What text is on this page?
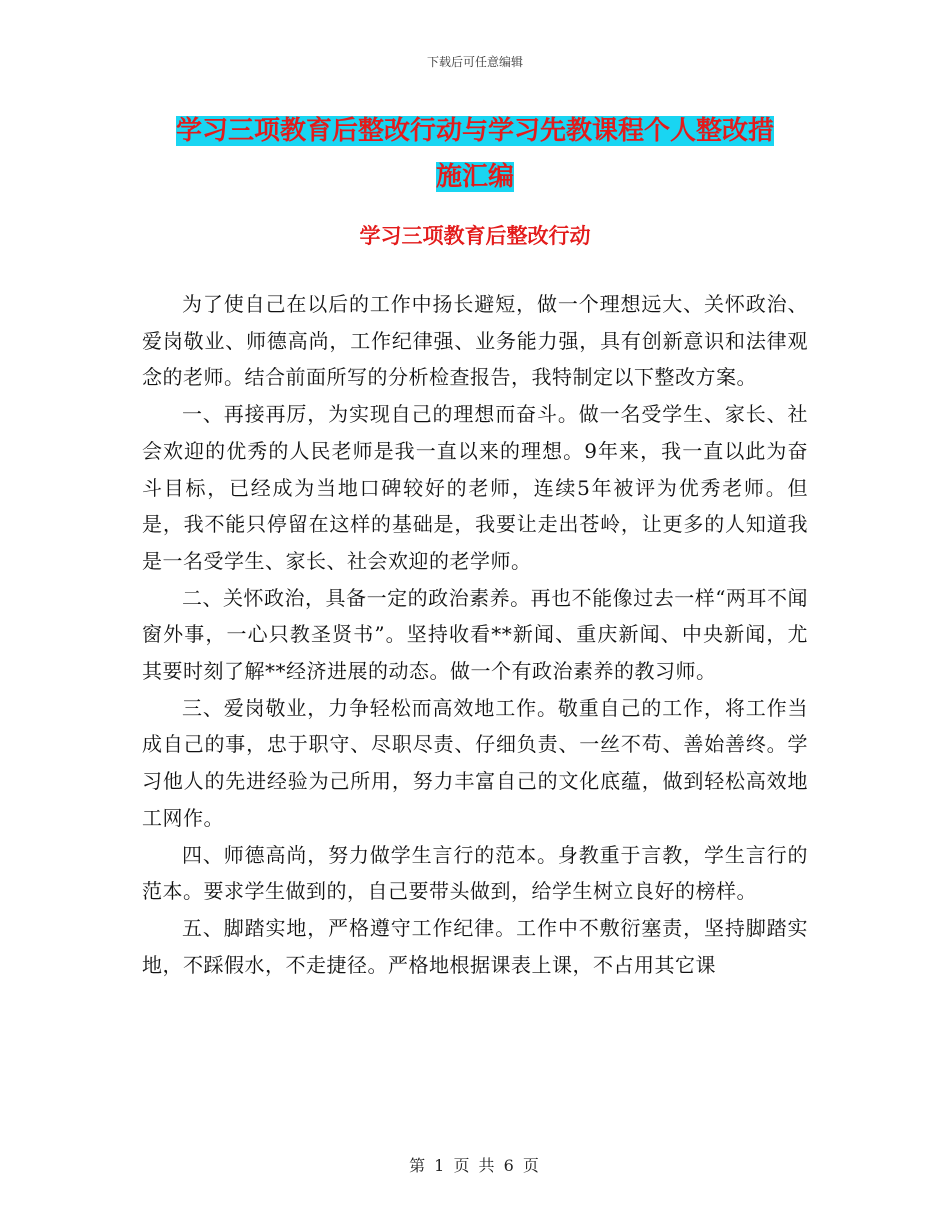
下载后可任意编辑
学习三项教育后整改行动与学习先教课程个人整改措
施汇编
学习三项教育后整改行动

为了使自己在以后的工作中扬长避短，做一个理想远大、关怀政治、爱岗敬业、师德高尚，工作纪律强、业务能力强，具有创新意识和法律观念的老师。结合前面所写的分析检查报告，我特制定以下整改方案。

一、再接再厉，为实现自己的理想而奋斗。做一名受学生、家长、社会欢迎的优秀的人民老师是我一直以来的理想。9年来，我一直以此为奋斗目标，已经成为当地口碑较好的老师，连续5年被评为优秀老师。但是，我不能只停留在这样的基础是，我要让走出苍岭，让更多的人知道我是一名受学生、家长、社会欢迎的老学师。

二、关怀政治，具备一定的政治素养。再也不能像过去一样“两耳不闻窗外事，一心只教圣贤书”。坚持收看**新闻、重庆新闻、中央新闻，尤其要时刻了解**经济进展的动态。做一个有政治素养的教习师。

三、爱岗敬业，力争轻松而高效地工作。敬重自己的工作，将工作当成自己的事，忠于职守、尽职尽责、仔细负责、一丝不苟、善始善终。学习他人的先进经验为己所用，努力丰富自己的文化底蕴，做到轻松高效地工网作。

四、师德高尚，努力做学生言行的范本。身教重于言教，学生言行的范本。要求学生做到的，自己要带头做到，给学生树立良好的榜样。

五、脚踏实地，严格遵守工作纪律。工作中不敷衍塞责，坚持脚踏实地，不踩假水，不走捷径。严格地根据课表上课，不占用其它课

第 1 页 共 6 页
